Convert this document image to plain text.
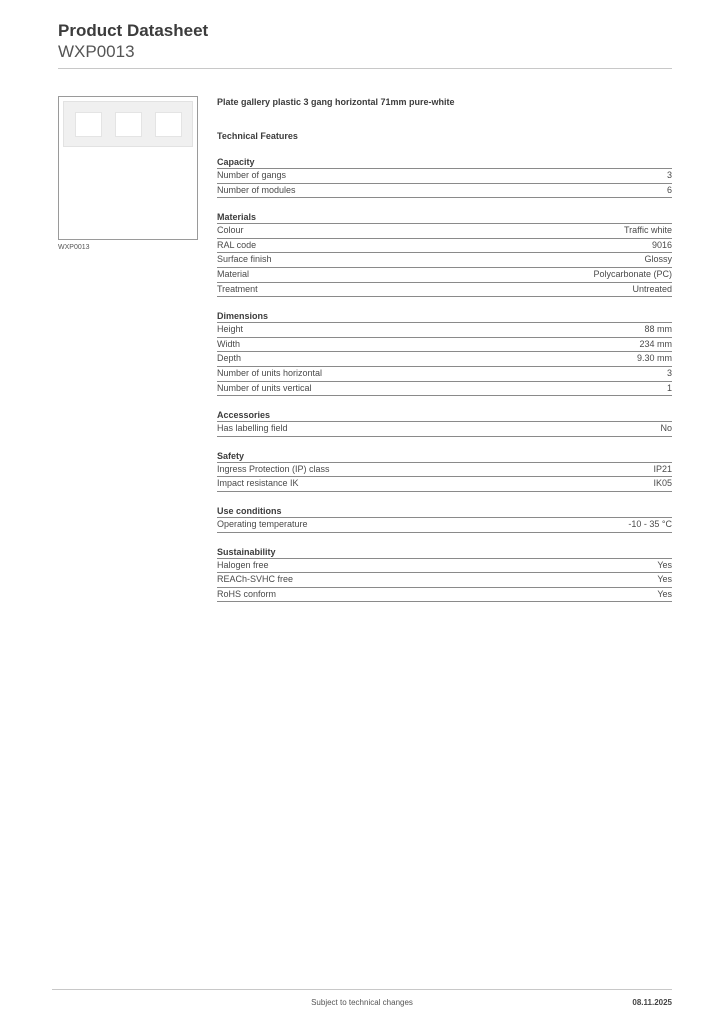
Product Datasheet
WXP0013
WXP0013
Plate gallery plastic 3 gang horizontal 71mm pure-white
Technical Features
Capacity
Number of gangs	3
Number of modules	6
Materials
Colour	Traffic white
RAL code	9016
Surface finish	Glossy
Material	Polycarbonate (PC)
Treatment	Untreated
Dimensions
Height	88 mm
Width	234 mm
Depth	9.30 mm
Number of units horizontal	3
Number of units vertical	1
Accessories
Has labelling field	No
Safety
Ingress Protection (IP) class	IP21
Impact resistance IK	IK05
Use conditions
Operating temperature	-10 - 35 °C
Sustainability
Halogen free	Yes
REACh-SVHC free	Yes
RoHS conform	Yes
Subject to technical changes	08.11.2025
